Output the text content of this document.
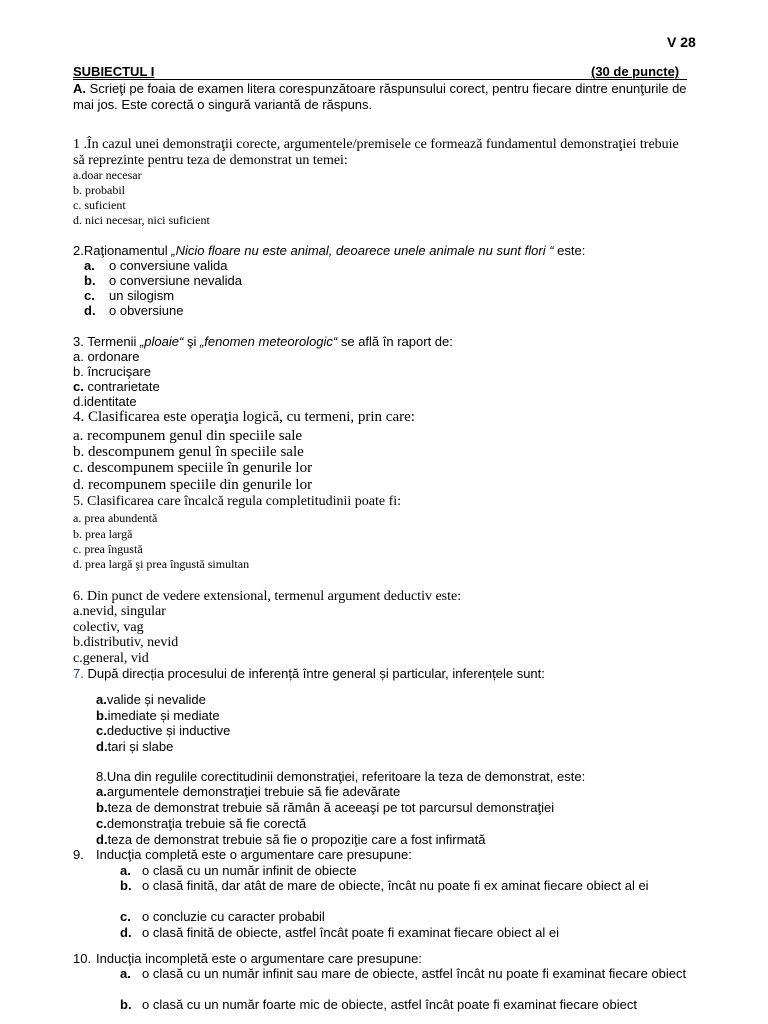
V 28
SUBIECTUL I	(30 de puncte)
A. Scrieţi pe foaia de examen litera corespunzătoare răspunsului corect, pentru fiecare dintre enunţurile de mai jos. Este corectă o singură variantă de răspuns.
1 .În cazul unei demonstraţii corecte, argumentele/premisele ce formează fundamentul demonstraţiei trebuie să reprezinte pentru teza de demonstrat un temei:
a.doar necesar
b. probabil
c. suficient
d. nici necesar, nici suficient
2.Raţionamentul „Nicio floare nu este animal, deoarece unele animale nu sunt flori “ este:
a. o conversiune valida
b. o conversiune nevalida
c. un silogism
d. o obversiune
3. Termenii „ploaie“ şi „fenomen meteorologic“ se află în raport de:
a. ordonare
b. încrucişare
c. contrarietate
d.identitate
4. Clasificarea este operaţia logică, cu termeni, prin care:
a. recompunem genul din speciile sale
b. descompunem genul în speciile sale
c. descompunem speciile în genurile lor
d. recompunem speciile din genurile lor
5. Clasificarea care încalcă regula completitudinii poate fi:
a. prea abundentă
b. prea largă
c. prea îngustă
d. prea largă şi prea îngustă simultan
6. Din punct de vedere extensional, termenul argument deductiv este:
a.nevid, singular
colectiv, vag
b.distributiv, nevid
c.general, vid
7. După direcția procesului de inferență între general și particular, inferențele sunt:
a.valide și nevalide
b.imediate și mediate
c.deductive și inductive
d.tari și slabe
8.Una din regulile corectitudinii demonstraţiei, referitoare la teza de demonstrat, este:
a.argumentele demonstraţiei trebuie să fie adevărate
b.teza de demonstrat trebuie să rămân ă aceeaşi pe tot parcursul demonstraţiei
c.demonstraţia trebuie să fie corectă
d.teza de demonstrat trebuie să fie o propoziţie care a fost infirmată
9. Inducţia completă este o argumentare care presupune:
a. o clasă cu un număr infinit de obiecte
b. o clasă finită, dar atât de mare de obiecte, încât nu poate fi ex aminat fiecare obiect al ei
c. o concluzie cu caracter probabil
d. o clasă finită de obiecte, astfel încât poate fi examinat fiecare obiect al ei
10. Inducţia incompletă este o argumentare care presupune:
a. o clasă cu un număr infinit sau mare de obiecte, astfel încât nu poate fi examinat fiecare obiect
b. o clasă cu un număr foarte mic de obiecte, astfel încât poate fi examinat fiecare obiect
